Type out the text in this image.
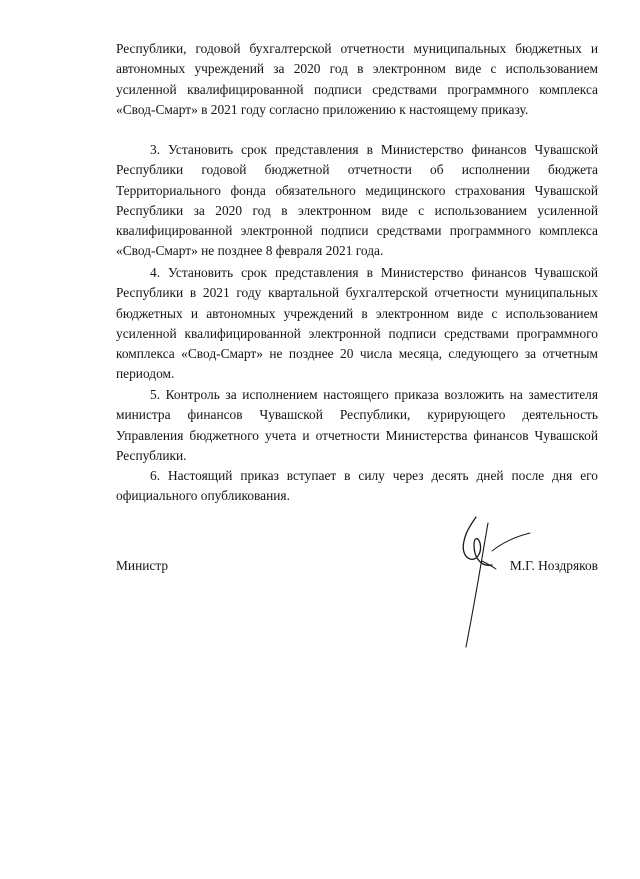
Республики, годовой бухгалтерской отчетности муниципальных бюджетных и автономных учреждений за 2020 год в электронном виде с использованием усиленной квалифицированной подписи средствами программного комплекса «Свод-Смарт» в 2021 году согласно приложению к настоящему приказу.

3. Установить срок представления в Министерство финансов Чувашской Республики годовой бюджетной отчетности об исполнении бюджета Территориального фонда обязательного медицинского страхования Чувашской Республики за 2020 год в электронном виде с использованием усиленной квалифицированной электронной подписи средствами программного комплекса «Свод-Смарт» не позднее 8 февраля 2021 года.

4. Установить срок представления в Министерство финансов Чувашской Республики в 2021 году квартальной бухгалтерской отчетности муниципальных бюджетных и автономных учреждений в электронном виде с использованием усиленной квалифицированной электронной подписи средствами программного комплекса «Свод-Смарт» не позднее 20 числа месяца, следующего за отчетным периодом.

5. Контроль за исполнением настоящего приказа возложить на заместителя министра финансов Чувашской Республики, курирующего деятельность Управления бюджетного учета и отчетности Министерства финансов Чувашской Республики.

6. Настоящий приказ вступает в силу через десять дней после дня его официального опубликования.

Министр	М.Г. Ноздряков
